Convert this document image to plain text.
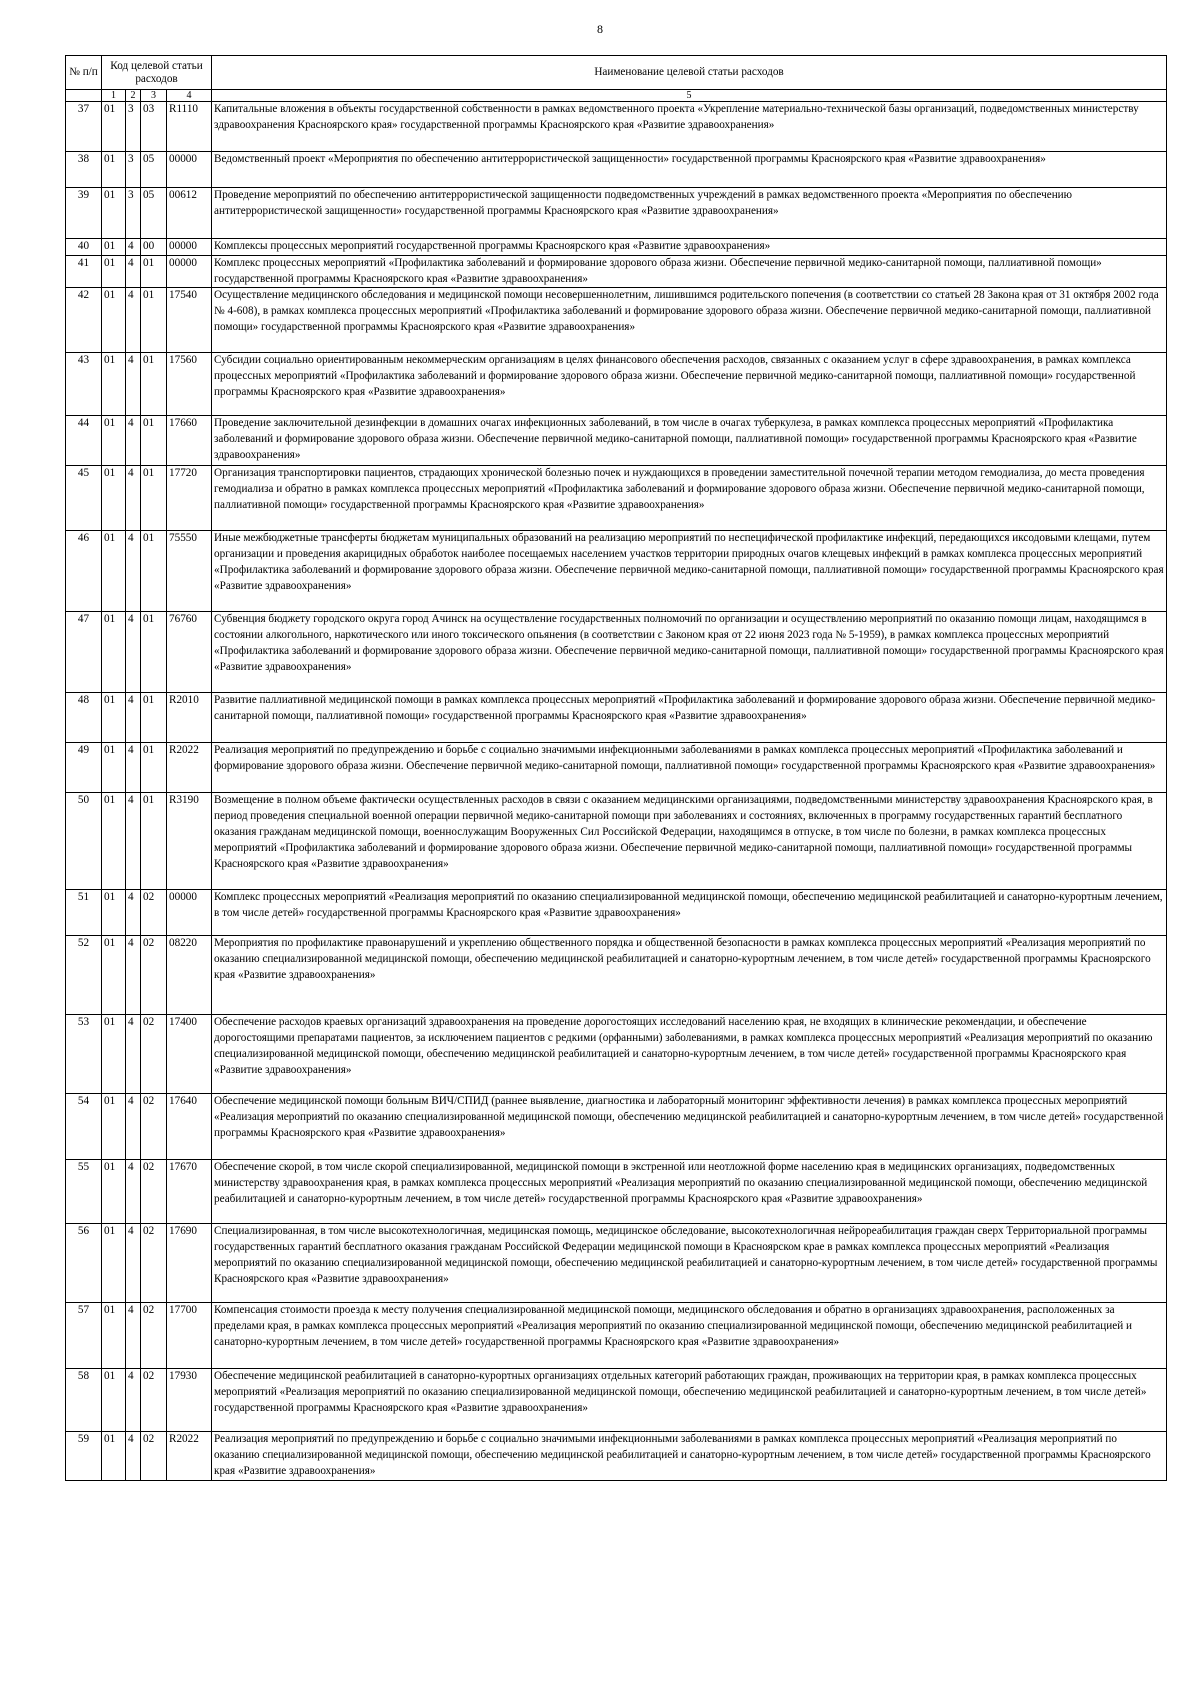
8
№ п/п	Код целевой статьи расходов				Наименование целевой статьи расходов

	1	2	3	4	5
37	01	3	03	R1110	Капитальные вложения в объекты государственной собственности в рамках ведомственного проекта «Укрепление материально-технической базы организаций, подведомственных министерству здравоохранения Красноярского края» государственной программы Красноярского края «Развитие здравоохранения»
38	01	3	05	00000	Ведомственный проект «Мероприятия по обеспечению антитеррористической защищенности» государственной программы Красноярского края «Развитие здравоохранения»
39	01	3	05	00612	Проведение мероприятий по обеспечению антитеррористической защищенности подведомственных учреждений в рамках ведомственного проекта «Мероприятия по обеспечению антитеррористической защищенности» государственной программы Красноярского края «Развитие здравоохранения»
40	01	4	00	00000	Комплексы процессных мероприятий государственной программы Красноярского края «Развитие здравоохранения»
41	01	4	01	00000	Комплекс процессных мероприятий «Профилактика заболеваний и формирование здорового образа жизни. Обеспечение первичной медико-санитарной помощи, паллиативной помощи» государственной программы Красноярского края «Развитие здравоохранения»
42	01	4	01	17540	Осуществление медицинского обследования и медицинской помощи несовершеннолетним, лишившимся родительского попечения (в соответствии со статьей 28 Закона края от 31 октября 2002 года № 4-608), в рамках комплекса процессных мероприятий «Профилактика заболеваний и формирование здорового образа жизни. Обеспечение первичной медико-санитарной помощи, паллиативной помощи» государственной программы Красноярского края «Развитие здравоохранения»
43	01	4	01	17560	Субсидии социально ориентированным некоммерческим организациям в целях финансового обеспечения расходов, связанных с оказанием услуг в сфере здравоохранения, в рамках комплекса процессных мероприятий «Профилактика заболеваний и формирование здорового образа жизни. Обеспечение первичной медико-санитарной помощи, паллиативной помощи» государственной программы Красноярского края «Развитие здравоохранения»
44	01	4	01	17660	Проведение заключительной дезинфекции в домашних очагах инфекционных заболеваний, в том числе в очагах туберкулеза, в рамках комплекса процессных мероприятий «Профилактика заболеваний и формирование здорового образа жизни. Обеспечение первичной медико-санитарной помощи, паллиативной помощи» государственной программы Красноярского края «Развитие здравоохранения»
45	01	4	01	17720	Организация транспортировки пациентов, страдающих хронической болезнью почек и нуждающихся в проведении заместительной почечной терапии методом гемодиализа, до места проведения гемодиализа и обратно в рамках комплекса процессных мероприятий «Профилактика заболеваний и формирование здорового образа жизни. Обеспечение первичной медико-санитарной помощи, паллиативной помощи» государственной программы Красноярского края «Развитие здравоохранения»
46	01	4	01	75550	Иные межбюджетные трансферты бюджетам муниципальных образований на реализацию мероприятий по неспецифической профилактике инфекций, передающихся иксодовыми клещами, путем организации и проведения акарицидных обработок наиболее посещаемых населением участков территории природных очагов клещевых инфекций в рамках комплекса процессных мероприятий «Профилактика заболеваний и формирование здорового образа жизни. Обеспечение первичной медико-санитарной помощи, паллиативной помощи» государственной программы Красноярского края «Развитие здравоохранения»
47	01	4	01	76760	Субвенция бюджету городского округа город Ачинск на осуществление государственных полномочий по организации и осуществлению мероприятий по оказанию помощи лицам, находящимся в состоянии алкогольного, наркотического или иного токсического опьянения (в соответствии с Законом края от 22 июня 2023 года № 5-1959), в рамках комплекса процессных мероприятий «Профилактика заболеваний и формирование здорового образа жизни. Обеспечение первичной медико-санитарной помощи, паллиативной помощи» государственной программы Красноярского края «Развитие здравоохранения»
48	01	4	01	R2010	Развитие паллиативной медицинской помощи в рамках комплекса процессных мероприятий «Профилактика заболеваний и формирование здорового образа жизни. Обеспечение первичной медико-санитарной помощи, паллиативной помощи» государственной программы Красноярского края «Развитие здравоохранения»
49	01	4	01	R2022	Реализация мероприятий по предупреждению и борьбе с социально значимыми инфекционными заболеваниями в рамках комплекса процессных мероприятий «Профилактика заболеваний и формирование здорового образа жизни. Обеспечение первичной медико-санитарной помощи, паллиативной помощи» государственной программы Красноярского края «Развитие здравоохранения»
50	01	4	01	R3190	Возмещение в полном объеме фактически осуществленных расходов в связи с оказанием медицинскими организациями, подведомственными министерству здравоохранения Красноярского края, в период проведения специальной военной операции первичной медико-санитарной помощи при заболеваниях и состояниях, включенных в программу государственных гарантий бесплатного оказания гражданам медицинской помощи, военнослужащим Вооруженных Сил Российской Федерации, находящимся в отпуске, в том числе по болезни, в рамках комплекса процессных мероприятий «Профилактика заболеваний и формирование здорового образа жизни. Обеспечение первичной медико-санитарной помощи, паллиативной помощи» государственной программы Красноярского края «Развитие здравоохранения»
51	01	4	02	00000	Комплекс процессных мероприятий «Реализация мероприятий по оказанию специализированной медицинской помощи, обеспечению медицинской реабилитацией и санаторно-курортным лечением, в том числе детей» государственной программы Красноярского края «Развитие здравоохранения»
52	01	4	02	08220	Мероприятия по профилактике правонарушений и укреплению общественного порядка и общественной безопасности в рамках комплекса процессных мероприятий «Реализация мероприятий по оказанию специализированной медицинской помощи, обеспечению медицинской реабилитацией и санаторно-курортным лечением, в том числе детей» государственной программы Красноярского края «Развитие здравоохранения»
53	01	4	02	17400	Обеспечение расходов краевых организаций здравоохранения на проведение дорогостоящих исследований населению края, не входящих в клинические рекомендации, и обеспечение дорогостоящими препаратами пациентов, за исключением пациентов с редкими (орфанными) заболеваниями, в рамках комплекса процессных мероприятий «Реализация мероприятий по оказанию специализированной медицинской помощи, обеспечению медицинской реабилитацией и санаторно-курортным лечением, в том числе детей» государственной программы Красноярского края «Развитие здравоохранения»
54	01	4	02	17640	Обеспечение медицинской помощи больным ВИЧ/СПИД (раннее выявление, диагностика и лабораторный мониторинг эффективности лечения) в рамках комплекса процессных мероприятий «Реализация мероприятий по оказанию специализированной медицинской помощи, обеспечению медицинской реабилитацией и санаторно-курортным лечением, в том числе детей» государственной программы Красноярского края «Развитие здравоохранения»
55	01	4	02	17670	Обеспечение скорой, в том числе скорой специализированной, медицинской помощи в экстренной или неотложной форме населению края в медицинских организациях, подведомственных министерству здравоохранения края, в рамках комплекса процессных мероприятий «Реализация мероприятий по оказанию специализированной медицинской помощи, обеспечению медицинской реабилитацией и санаторно-курортным лечением, в том числе детей» государственной программы Красноярского края «Развитие здравоохранения»
56	01	4	02	17690	Специализированная, в том числе высокотехнологичная, медицинская помощь, медицинское обследование, высокотехнологичная нейрореабилитация граждан сверх Территориальной программы государственных гарантий бесплатного оказания гражданам Российской Федерации медицинской помощи в Красноярском крае в рамках комплекса процессных мероприятий «Реализация мероприятий по оказанию специализированной медицинской помощи, обеспечению медицинской реабилитацией и санаторно-курортным лечением, в том числе детей» государственной программы Красноярского края «Развитие здравоохранения»
57	01	4	02	17700	Компенсация стоимости проезда к месту получения специализированной медицинской помощи, медицинского обследования и обратно в организациях здравоохранения, расположенных за пределами края, в рамках комплекса процессных мероприятий «Реализация мероприятий по оказанию специализированной медицинской помощи, обеспечению медицинской реабилитацией и санаторно-курортным лечением, в том числе детей» государственной программы Красноярского края «Развитие здравоохранения»
58	01	4	02	17930	Обеспечение медицинской реабилитацией в санаторно-курортных организациях отдельных категорий работающих граждан, проживающих на территории края, в рамках комплекса процессных мероприятий «Реализация мероприятий по оказанию специализированной медицинской помощи, обеспечению медицинской реабилитацией и санаторно-курортным лечением, в том числе детей» государственной программы Красноярского края «Развитие здравоохранения»
59	01	4	02	R2022	Реализация мероприятий по предупреждению и борьбе с социально значимыми инфекционными заболеваниями в рамках комплекса процессных мероприятий «Реализация мероприятий по оказанию специализированной медицинской помощи, обеспечению медицинской реабилитацией и санаторно-курортным лечением, в том числе детей» государственной программы Красноярского края «Развитие здравоохранения»
